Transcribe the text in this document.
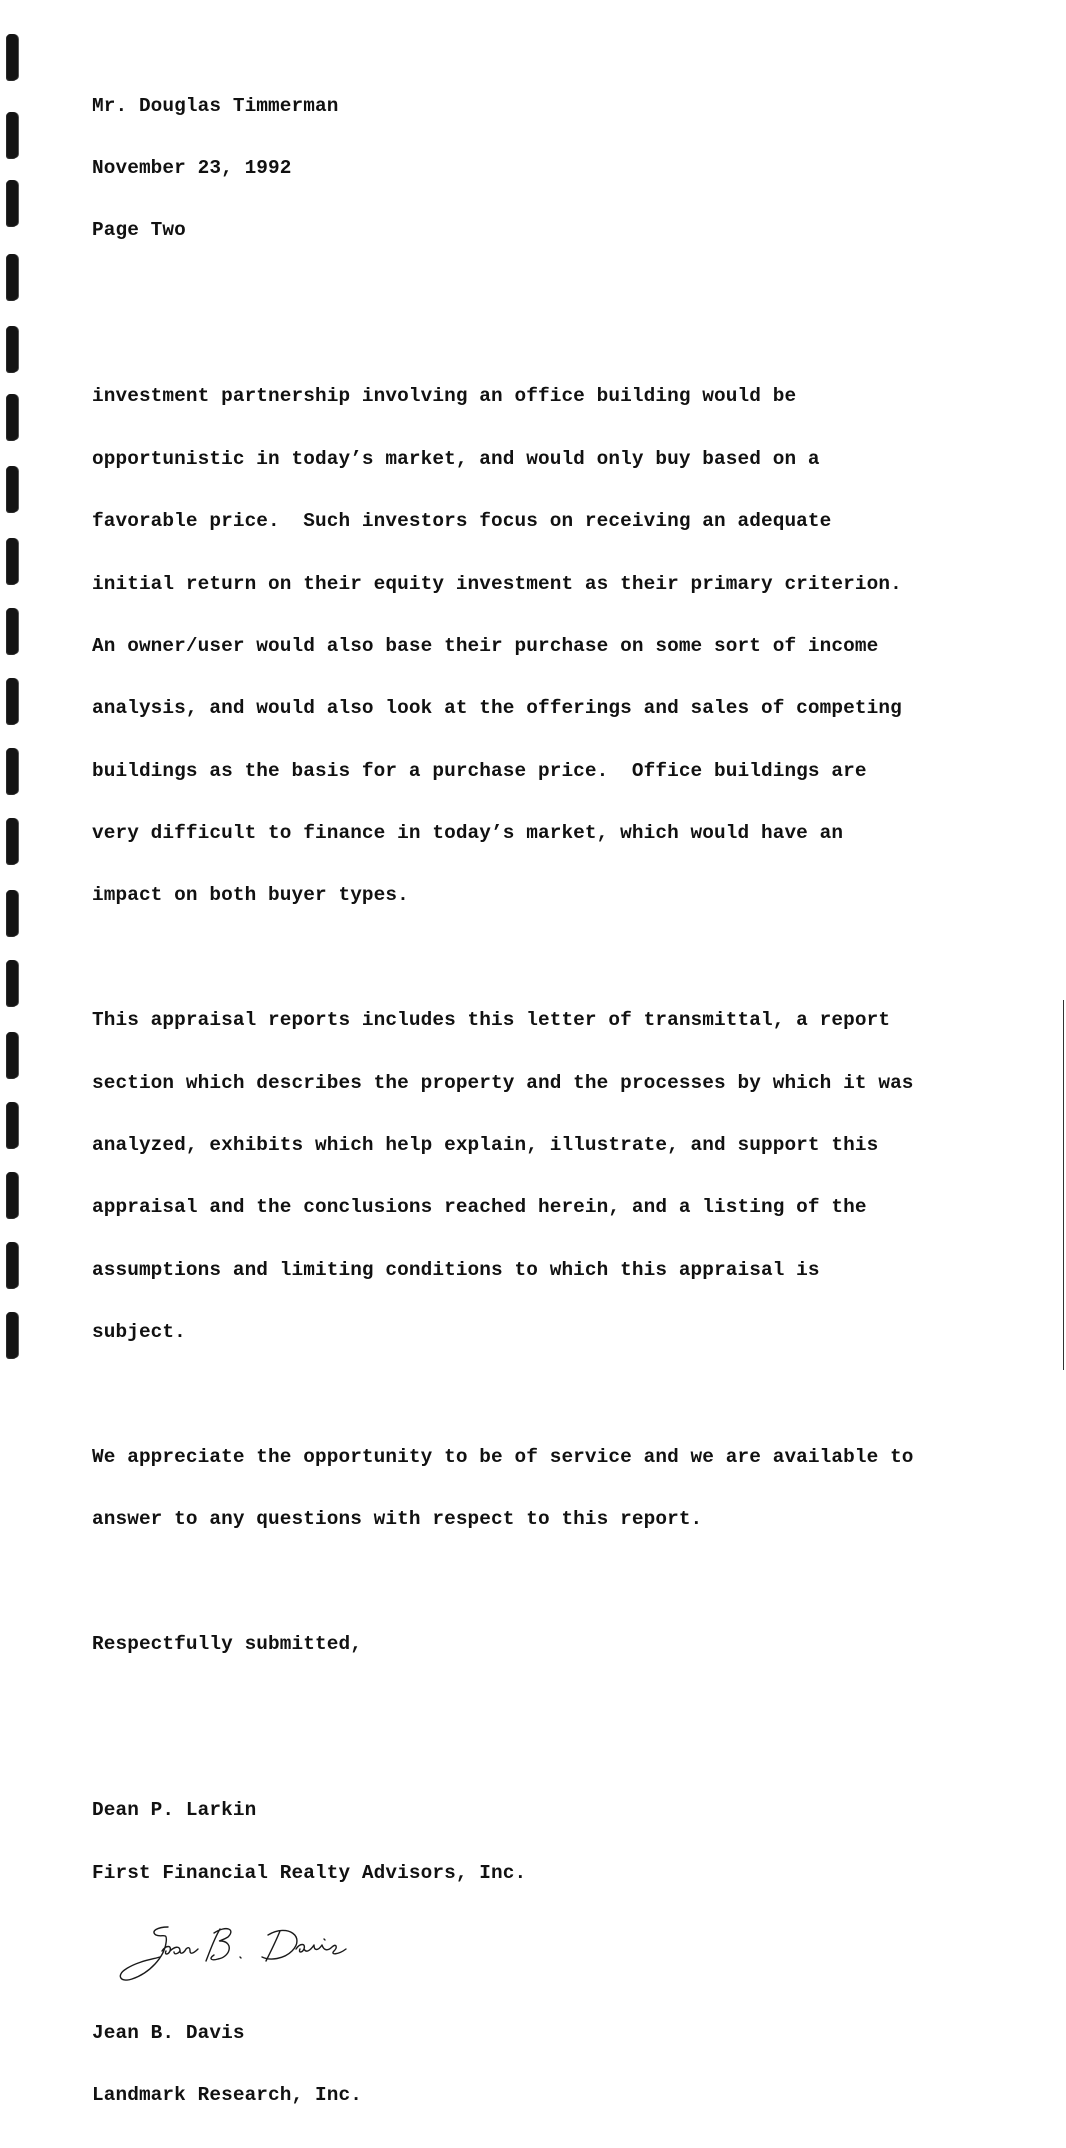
Mr. Douglas Timmerman

November 23, 1992

Page Two

investment partnership involving an office building would be

opportunistic in today’s market, and would only buy based on a

favorable price.  Such investors focus on receiving an adequate

initial return on their equity investment as their primary criterion.

An owner/user would also base their purchase on some sort of income

analysis, and would also look at the offerings and sales of competing

buildings as the basis for a purchase price.  Office buildings are

very difficult to finance in today’s market, which would have an

impact on both buyer types.

This appraisal reports includes this letter of transmittal, a report

section which describes the property and the processes by which it was

analyzed, exhibits which help explain, illustrate, and support this

appraisal and the conclusions reached herein, and a listing of the

assumptions and limiting conditions to which this appraisal is

subject.

We appreciate the opportunity to be of service and we are available to

answer to any questions with respect to this report.

Respectfully submitted,

Dean P. Larkin

First Financial Realty Advisors, Inc.

Jean B. Davis

Landmark Research, Inc.
